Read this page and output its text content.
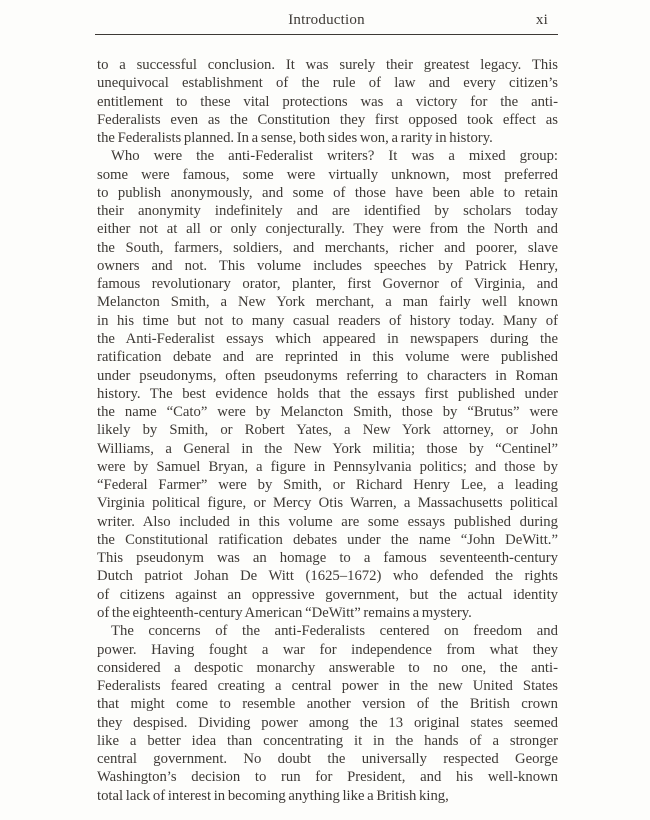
Introduction	xi
to a successful conclusion. It was surely their greatest legacy. This
unequivocal establishment of the rule of law and every citizen’s
entitlement to these vital protections was a victory for the anti-
Federalists even as the Constitution they first opposed took effect as
the Federalists planned. In a sense, both sides won, a rarity in history.
Who were the anti-Federalist writers? It was a mixed group:
some were famous, some were virtually unknown, most preferred
to publish anonymously, and some of those have been able to retain
their anonymity indefinitely and are identified by scholars today
either not at all or only conjecturally. They were from the North and
the South, farmers, soldiers, and merchants, richer and poorer, slave
owners and not. This volume includes speeches by Patrick Henry,
famous revolutionary orator, planter, first Governor of Virginia, and
Melancton Smith, a New York merchant, a man fairly well known
in his time but not to many casual readers of history today. Many of
the Anti-Federalist essays which appeared in newspapers during the
ratification debate and are reprinted in this volume were published
under pseudonyms, often pseudonyms referring to characters in Roman
history. The best evidence holds that the essays first published under
the name “Cato” were by Melancton Smith, those by “Brutus” were
likely by Smith, or Robert Yates, a New York attorney, or John
Williams, a General in the New York militia; those by “Centinel”
were by Samuel Bryan, a figure in Pennsylvania politics; and those by
“Federal Farmer” were by Smith, or Richard Henry Lee, a leading
Virginia political figure, or Mercy Otis Warren, a Massachusetts political
writer. Also included in this volume are some essays published during
the Constitutional ratification debates under the name “John DeWitt.”
This pseudonym was an homage to a famous seventeenth-century
Dutch patriot Johan De Witt (1625–1672) who defended the rights
of citizens against an oppressive government, but the actual identity
of the eighteenth-century American “DeWitt” remains a mystery.
The concerns of the anti-Federalists centered on freedom and
power. Having fought a war for independence from what they
considered a despotic monarchy answerable to no one, the anti-
Federalists feared creating a central power in the new United States
that might come to resemble another version of the British crown
they despised. Dividing power among the 13 original states seemed
like a better idea than concentrating it in the hands of a stronger
central government. No doubt the universally respected George
Washington’s decision to run for President, and his well-known
total lack of interest in becoming anything like a British king,
